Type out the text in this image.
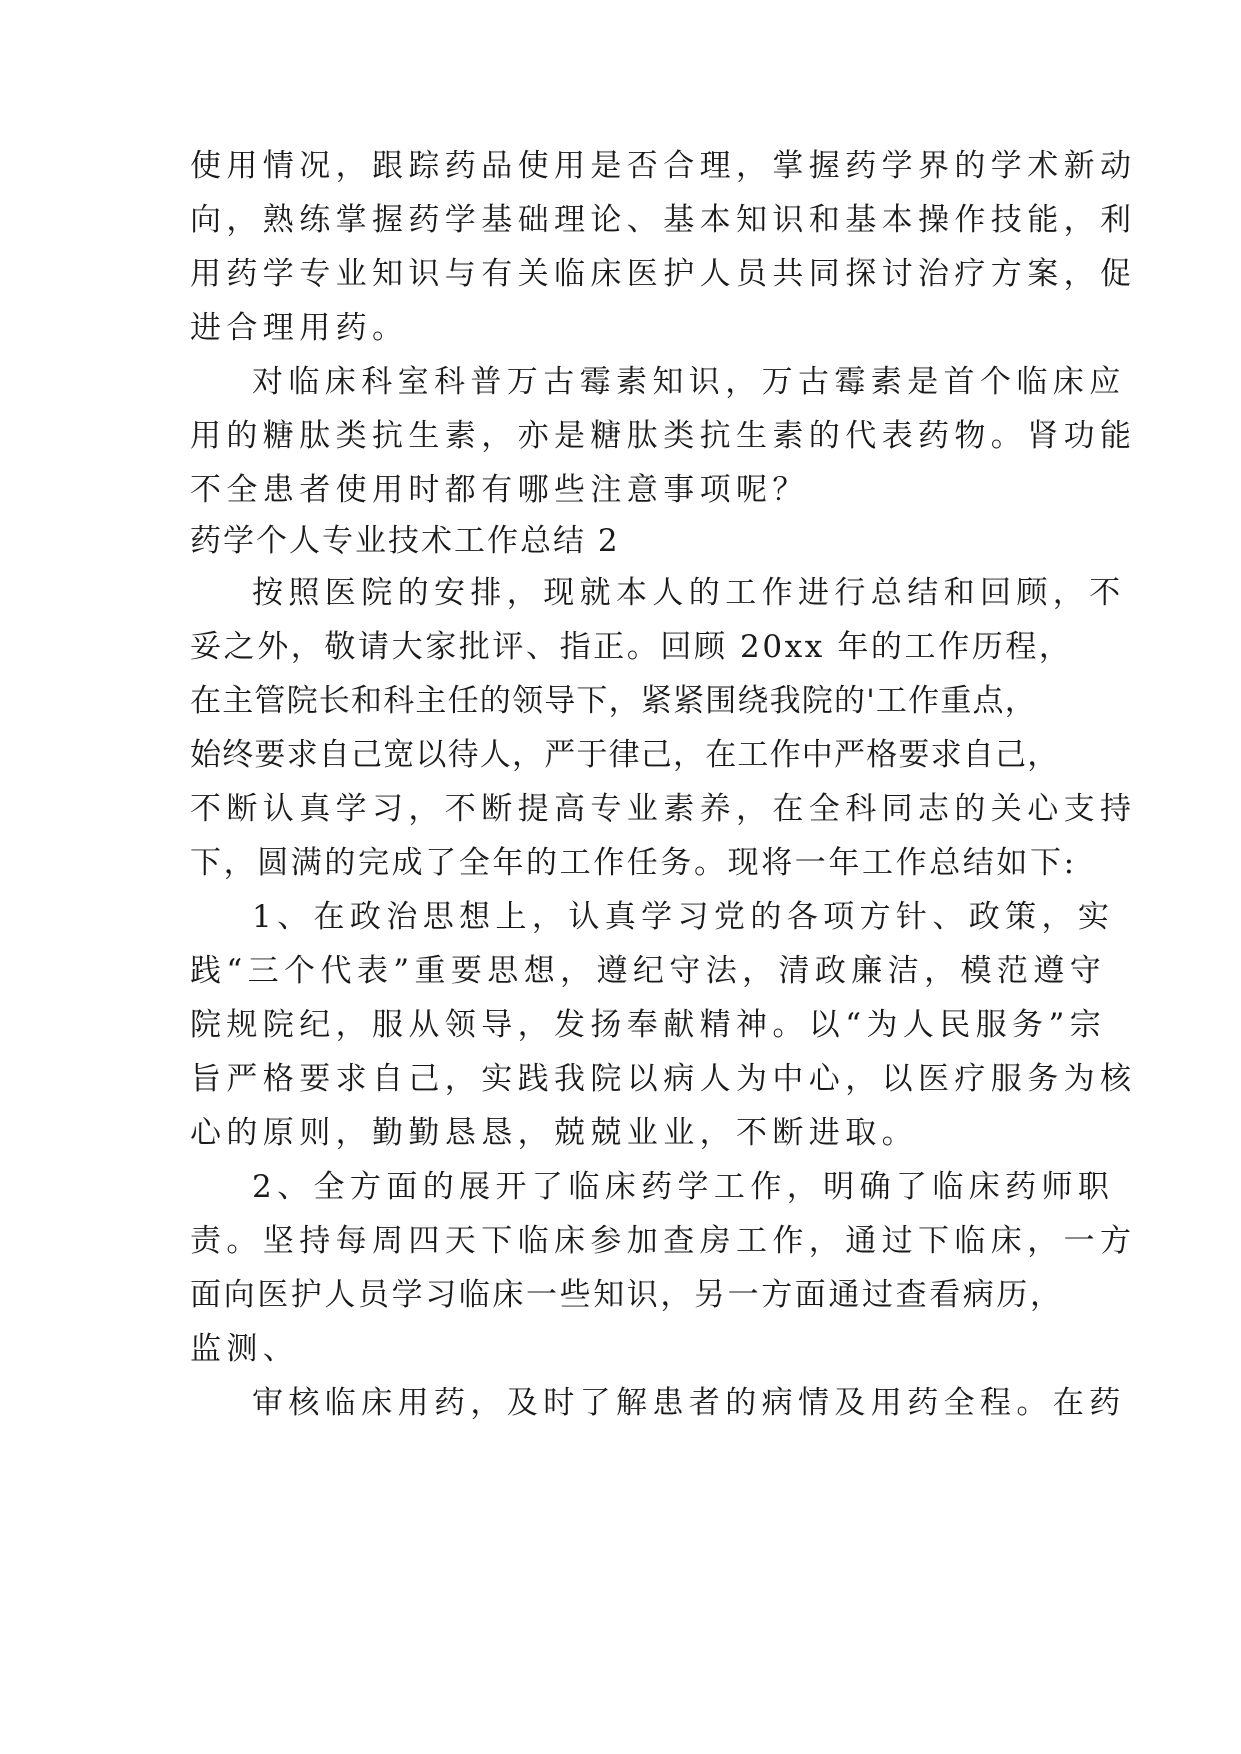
使用情况，跟踪药品使用是否合理，掌握药学界的学术新动
向，熟练掌握药学基础理论、基本知识和基本操作技能，利
用药学专业知识与有关临床医护人员共同探讨治疗方案，促
进合理用药。
对临床科室科普万古霉素知识，万古霉素是首个临床应
用的糖肽类抗生素，亦是糖肽类抗生素的代表药物。肾功能
不全患者使用时都有哪些注意事项呢？
药学个人专业技术工作总结 2
按照医院的安排，现就本人的工作进行总结和回顾，不
妥之外，敬请大家批评、指正。回顾 20xx 年的工作历程，
在主管院长和科主任的领导下，紧紧围绕我院的'工作重点，
始终要求自己宽以待人，严于律己，在工作中严格要求自己，
不断认真学习，不断提高专业素养，在全科同志的关心支持
下，圆满的完成了全年的工作任务。现将一年工作总结如下:
1、在政治思想上，认真学习党的各项方针、政策，实
践“三个代表”重要思想，遵纪守法，清政廉洁，模范遵守
院规院纪，服从领导，发扬奉献精神。以“为人民服务”宗
旨严格要求自己，实践我院以病人为中心，以医疗服务为核
心的原则，勤勤恳恳，兢兢业业，不断进取。
2、全方面的展开了临床药学工作，明确了临床药师职
责。坚持每周四天下临床参加查房工作，通过下临床，一方
面向医护人员学习临床一些知识，另一方面通过查看病历，
监测、
审核临床用药，及时了解患者的病情及用药全程。在药
